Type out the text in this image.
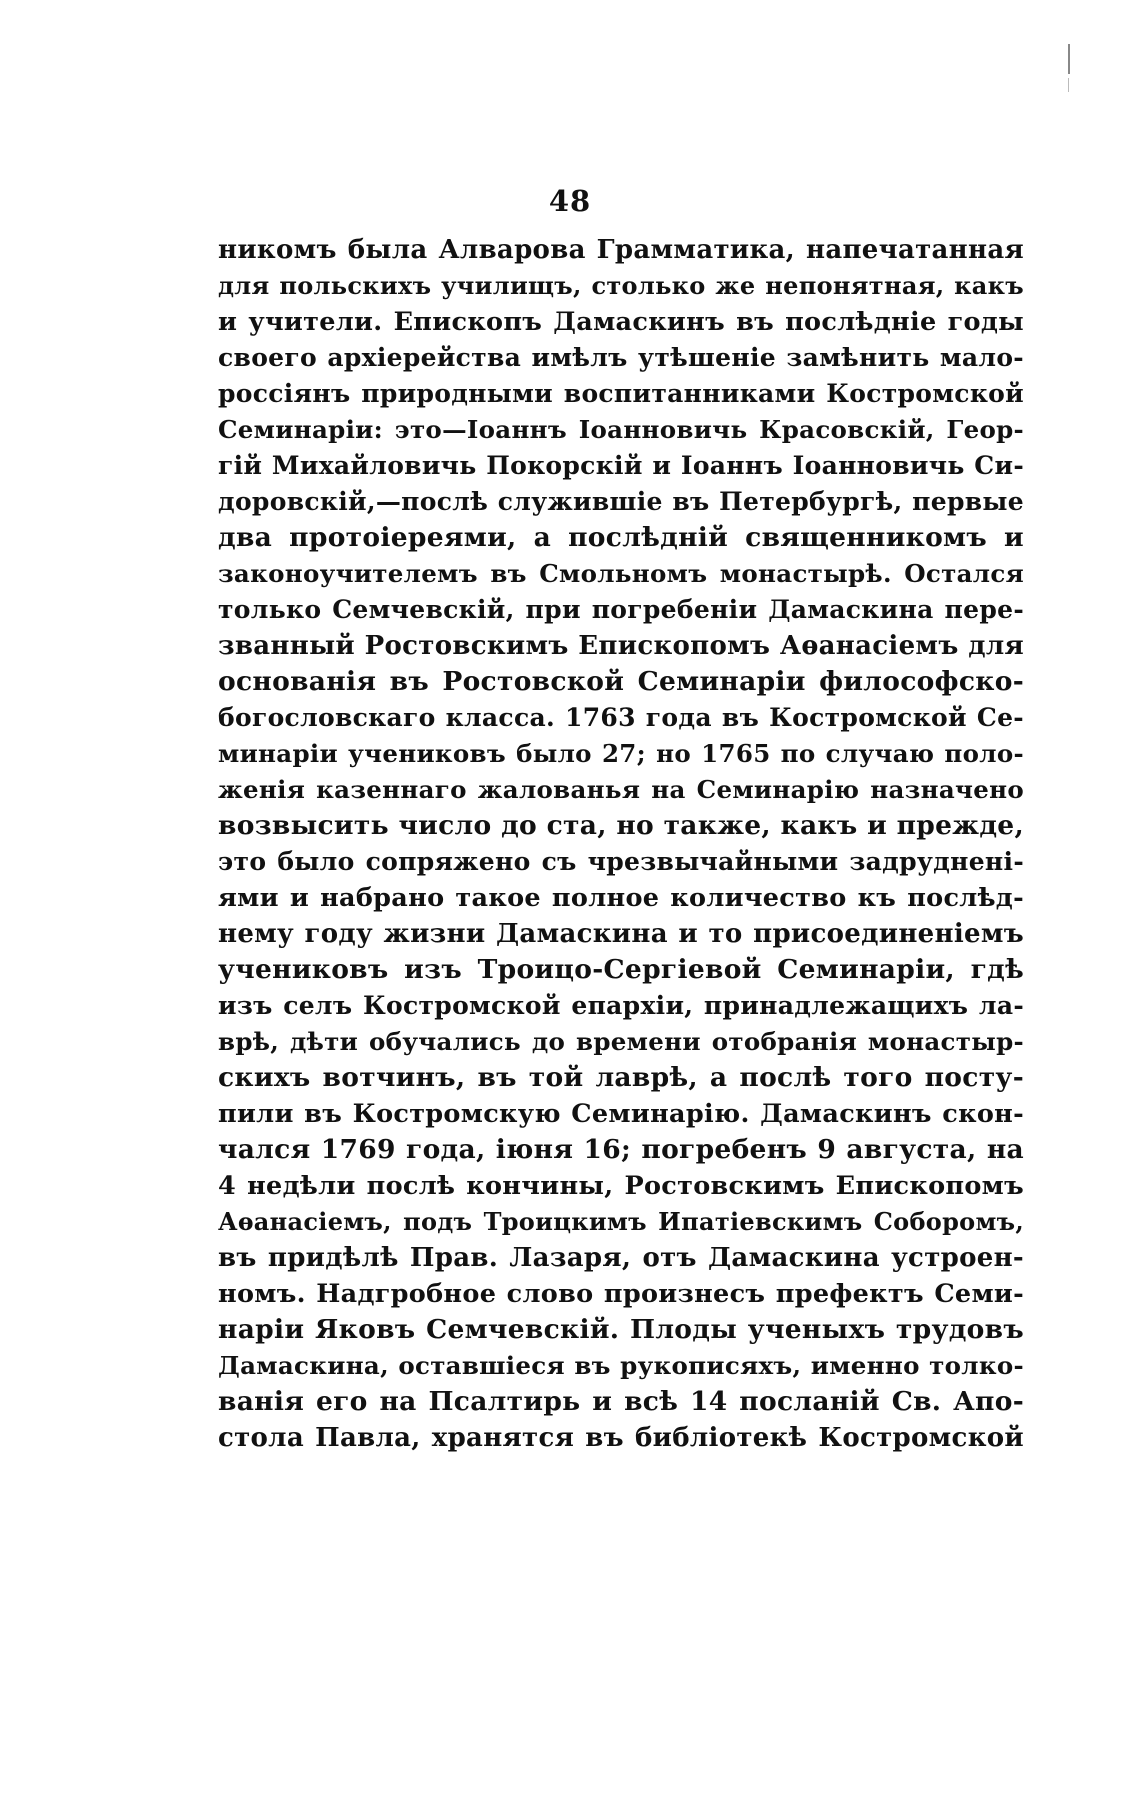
48
никомъ была Алварова Грамматика, напечатанная
для польскихъ училищъ, столько же непонятная, какъ
и учители. Епископъ Дамаскинъ въ послѣдніе годы
своего архіерейства имѣлъ утѣшеніе замѣнить мало-
россіянъ природными воспитанниками Костромской
Семинаріи: это—Іоаннъ Іоанновичь Красовскій, Геор-
гій Михайловичь Покорскій и Іоаннъ Іоанновичь Си-
доровскій,—послѣ служившіе въ Петербургѣ, первые
два протоіереями, а послѣдній священникомъ и
законоучителемъ въ Смольномъ монастырѣ. Остался
только Семчевскій, при погребеніи Дамаскина пере-
званный Ростовскимъ Епископомъ Аѳанасіемъ для
основанія въ Ростовской Семинаріи философско-
богословскаго класса. 1763 года въ Костромской Се-
минаріи учениковъ было 27; но 1765 по случаю поло-
женія казеннаго жалованья на Семинарію назначено
возвысить число до ста, но также, какъ и прежде,
это было сопряжено съ чрезвычайными задрудненi-
ями и набрано такое полное количество къ послѣд-
нему году жизни Дамаскина и то присоединеніемъ
учениковъ изъ Троицо-Сергіевой Семинаріи, гдѣ
изъ селъ Костромской епархіи, принадлежащихъ ла-
врѣ, дѣти обучались до времени отобранія монастыр-
скихъ вотчинъ, въ той лаврѣ, а послѣ того посту-
пили въ Костромскую Семинарію. Дамаскинъ скон-
чался 1769 года, іюня 16; погребенъ 9 августа, на
4 недѣли послѣ кончины, Ростовскимъ Епископомъ
Аѳанасіемъ, подъ Троицкимъ Ипатіевскимъ Соборомъ,
въ придѣлѣ Прав. Лазаря, отъ Дамаскина устроен-
номъ. Надгробное слово произнесъ префектъ Семи-
наріи Яковъ Семчевскій. Плоды ученыхъ трудовъ
Дамаскина, оставшіеся въ рукописяхъ, именно толко-
ванія его на Псалтирь и всѣ 14 посланій Св. Апо-
стола Павла, хранятся въ библіотекѣ Костромской
